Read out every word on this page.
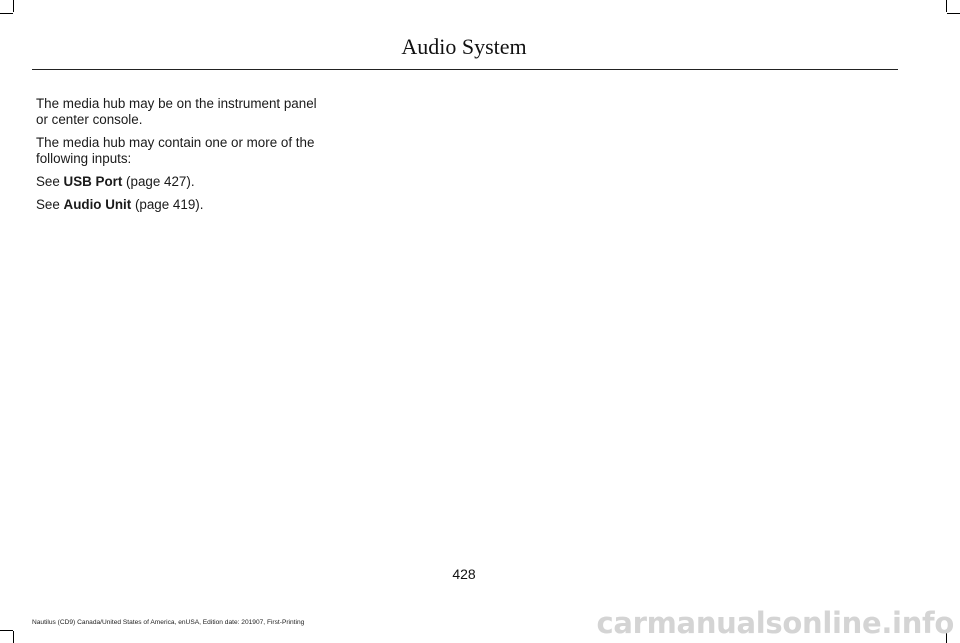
Audio System

The media hub may be on the instrument panel or center console.

The media hub may contain one or more of the following inputs:

See USB Port (page 427).

See Audio Unit (page 419).

428
Nautilus (CD9) Canada/United States of America, enUSA, Edition date: 201907, First-Printing	carmanualsonline.info
